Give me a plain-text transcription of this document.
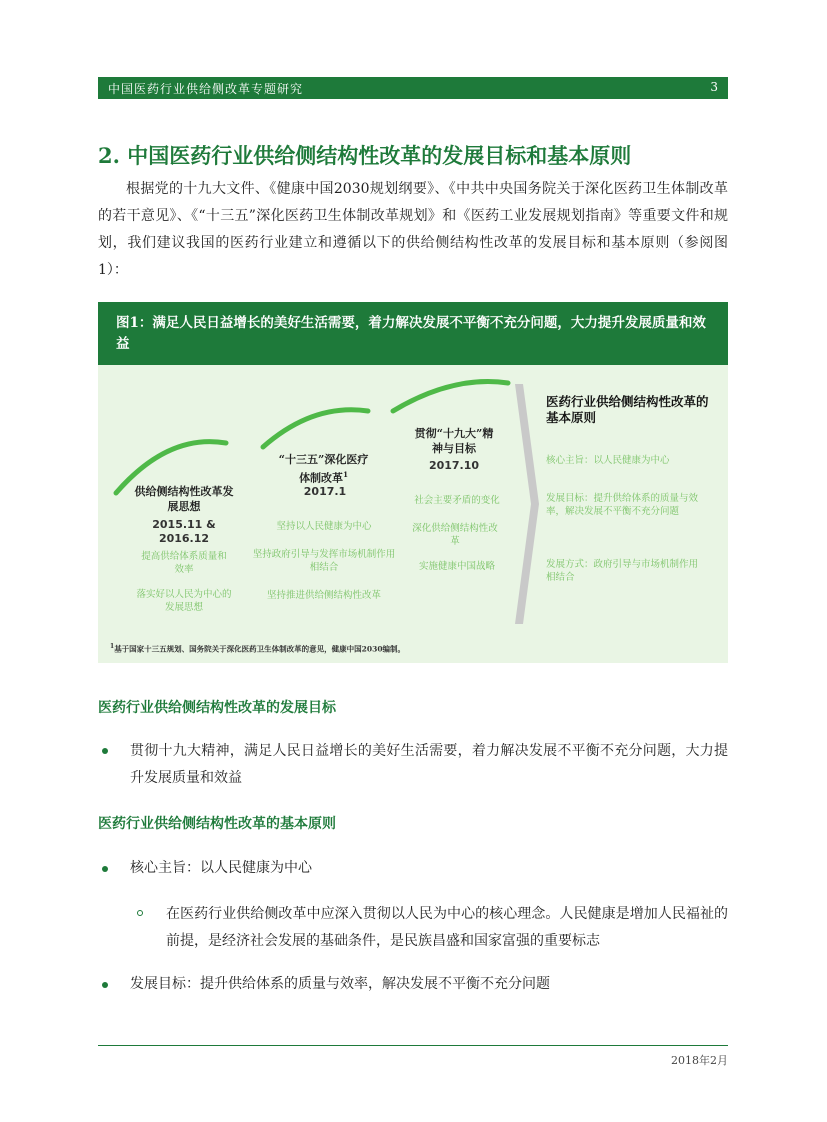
中国医药行业供给侧改革专题研究	3
2. 中国医药行业供给侧结构性改革的发展目标和基本原则
根据党的十九大文件、《健康中国2030规划纲要》、《中共中央国务院关于深化医药卫生体制改革的若干意见》、《“十三五”深化医药卫生体制改革规划》和《医药工业发展规划指南》等重要文件和规划，我们建议我国的医药行业建立和遵循以下的供给侧结构性改革的发展目标和基本原则（参阅图1）：
图1：满足人民日益增长的美好生活需要，着力解决发展不平衡不充分问题，大力提升发展质量和效益
供给侧结构性改革发展思想
2015.11 & 2016.12
提高供给体系质量和效率
落实好以人民为中心的发展思想
“十三五”深化医疗体制改革$^1$
2017.1
坚持以人民健康为中心
坚持政府引导与发挥市场机制作用相结合
坚持推进供给侧结构性改革
贯彻“十九大”精神与目标
2017.10
社会主要矛盾的变化
深化供给侧结构性改革
实施健康中国战略
医药行业供给侧结构性改革的基本原则
核心主旨：以人民健康为中心
发展目标：提升供给体系的质量与效率，解决发展不平衡不充分问题
发展方式：政府引导与市场机制作用相结合
$^1$基于国家十三五规划、国务院关于深化医药卫生体制改革的意见，健康中国2030编制。
医药行业供给侧结构性改革的发展目标
贯彻十九大精神，满足人民日益增长的美好生活需要，着力解决发展不平衡不充分问题，大力提升发展质量和效益
医药行业供给侧结构性改革的基本原则
核心主旨：以人民健康为中心
在医药行业供给侧改革中应深入贯彻以人民为中心的核心理念。人民健康是增加人民福祉的前提，是经济社会发展的基础条件，是民族昌盛和国家富强的重要标志
发展目标：提升供给体系的质量与效率，解决发展不平衡不充分问题
2018年2月
